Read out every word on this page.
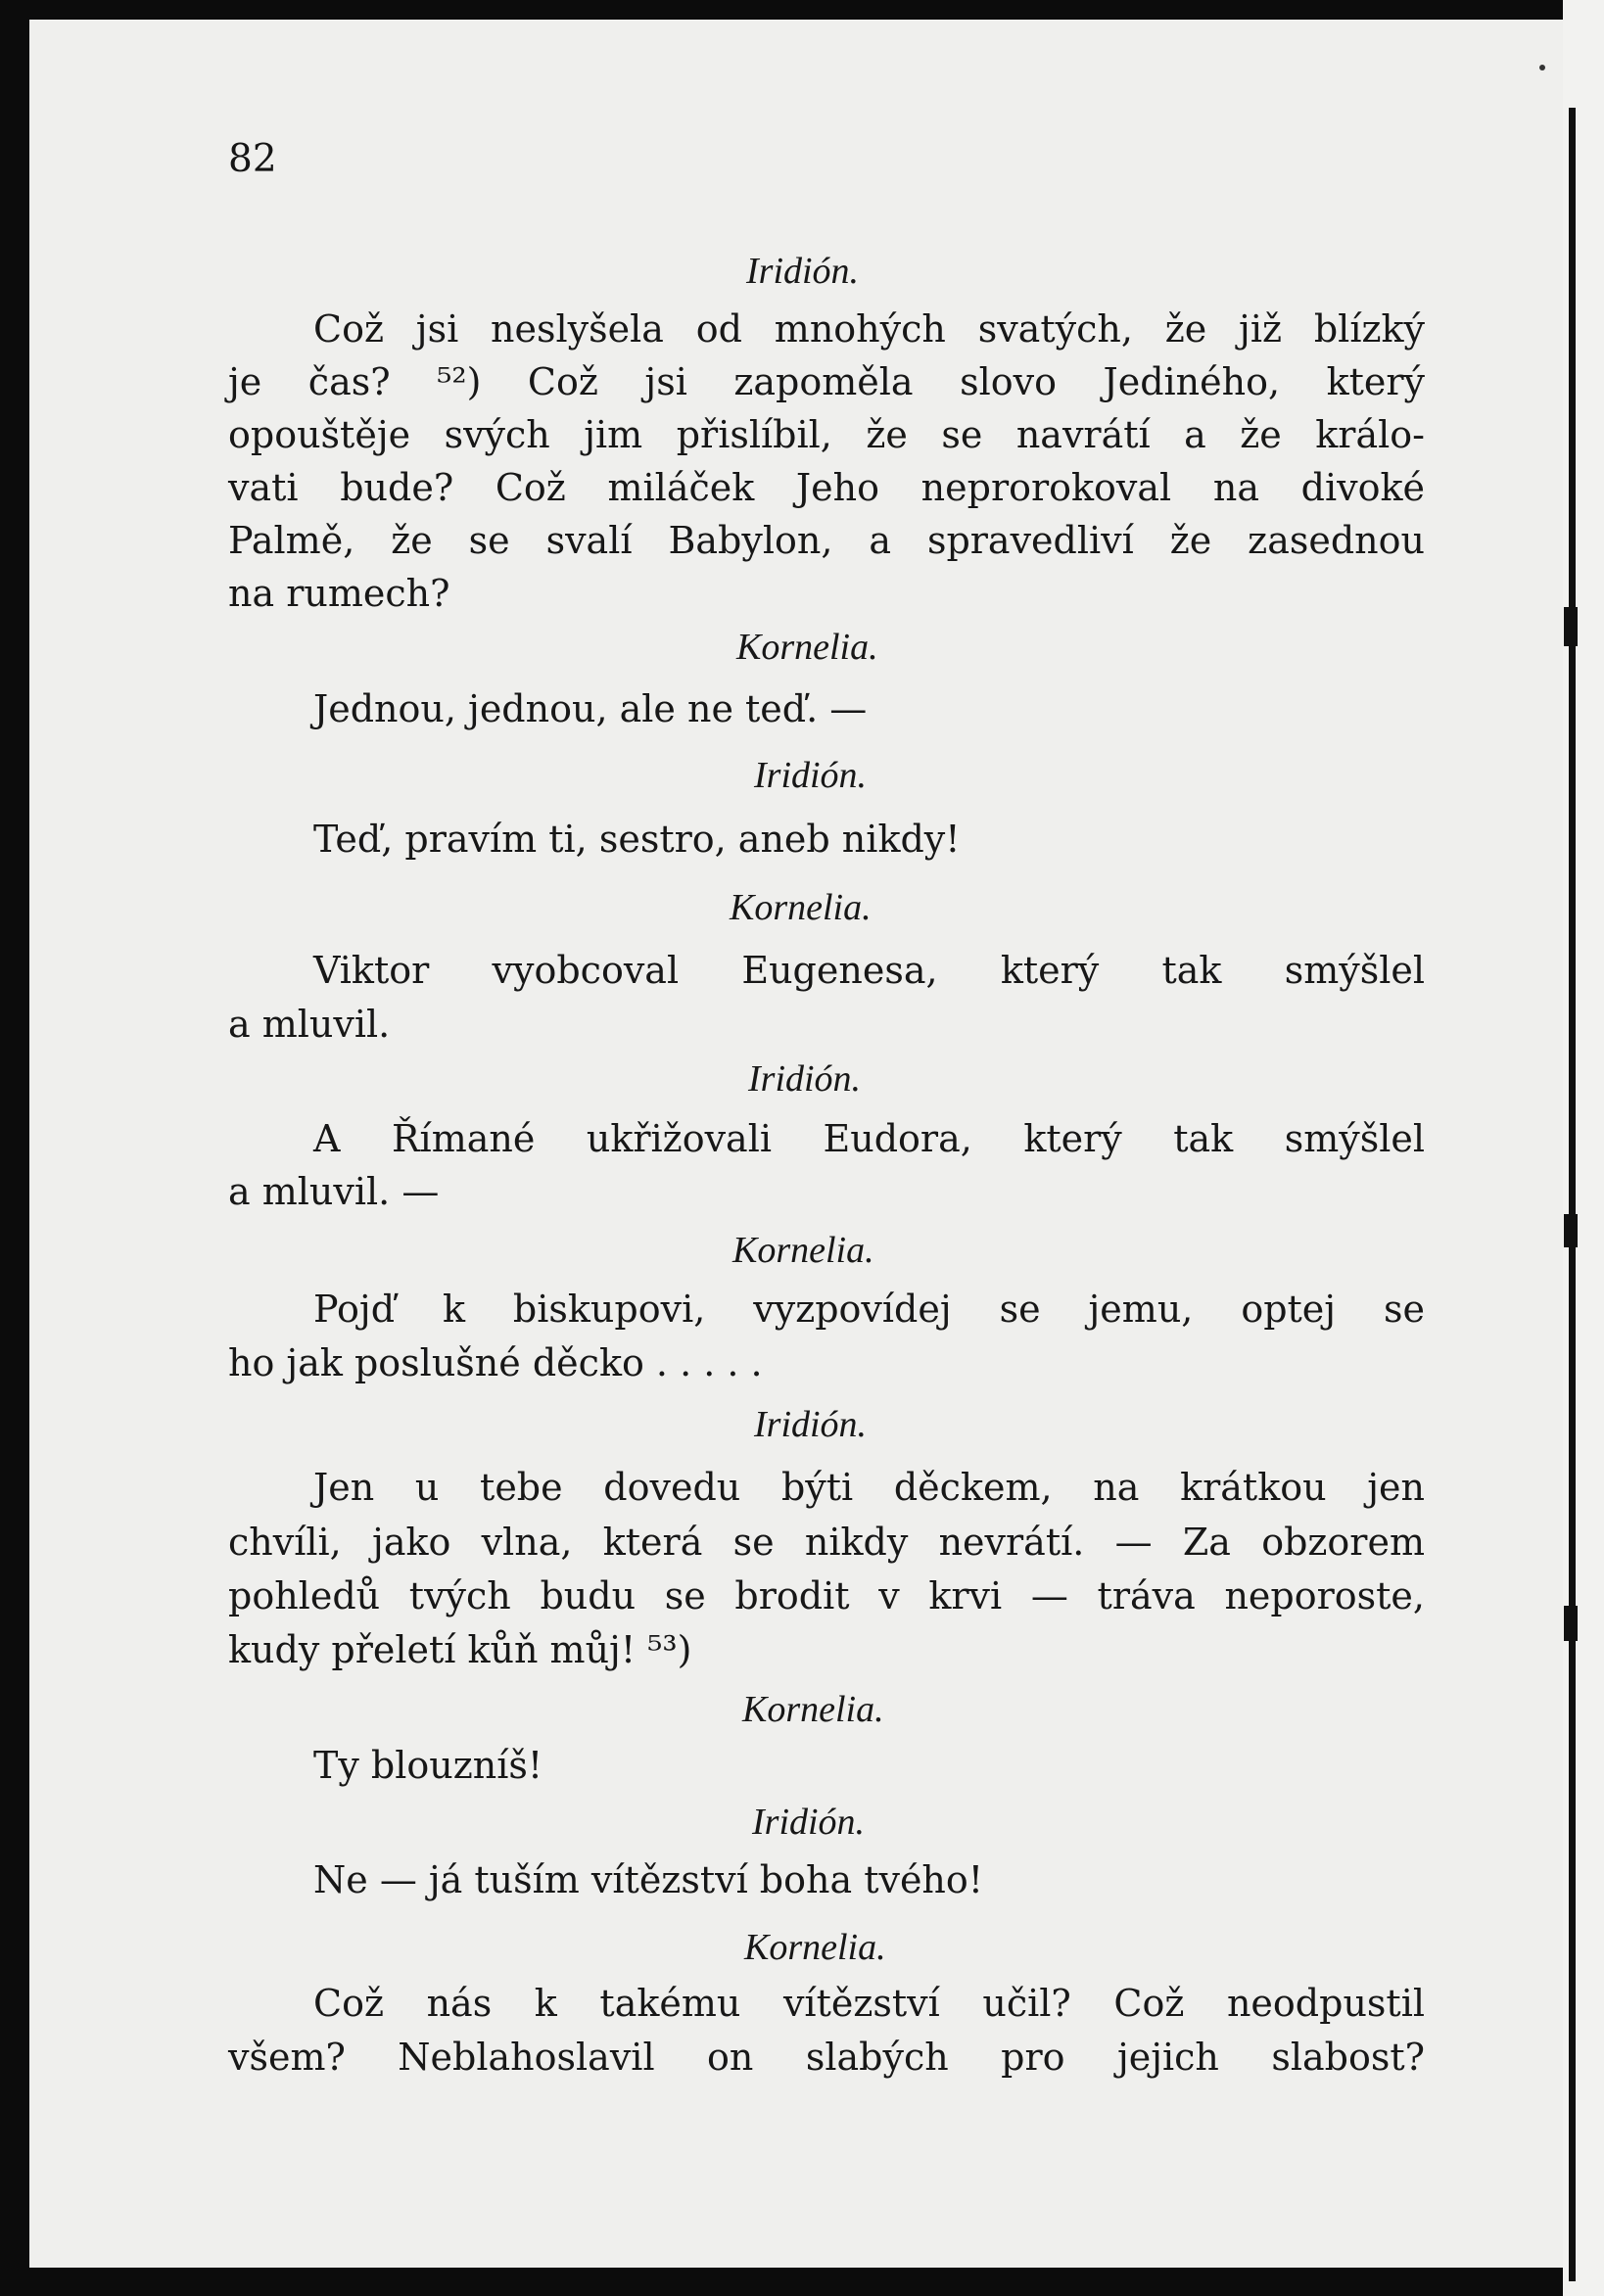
82

Iridión.

Což jsi neslyšela od mnohých svatých, že již blízký

je čas? ⁵²) Což jsi zapoměla slovo Jediného, který

opouštěje svých jim přislíbil, že se navrátí a že králo-

vati bude? Což miláček Jeho neprorokoval na divoké

Palmě, že se svalí Babylon, a spravedliví že zasednou

na rumech?

Kornelia.

Jednou, jednou, ale ne teď. —

Iridión.

Teď, pravím ti, sestro, aneb nikdy!

Kornelia.

Viktor vyobcoval Eugenesa, který tak smýšlel

a mluvil.

Iridión.

A Římané ukřižovali Eudora, který tak smýšlel

a mluvil. —

Kornelia.

Pojď k biskupovi, vyzpovídej se jemu, optej se

ho jak poslušné děcko . . . . .

Iridión.

Jen u tebe dovedu býti děckem, na krátkou jen

chvíli, jako vlna, která se nikdy nevrátí. — Za obzorem

pohledů tvých budu se brodit v krvi — tráva neporoste,

kudy přeletí kůň můj! ⁵³)

Kornelia.

Ty blouzníš!

Iridión.

Ne — já tuším vítězství boha tvého!

Kornelia.

Což nás k takému vítězství učil? Což neodpustil

všem? Neblahoslavil on slabých pro jejich slabost?
